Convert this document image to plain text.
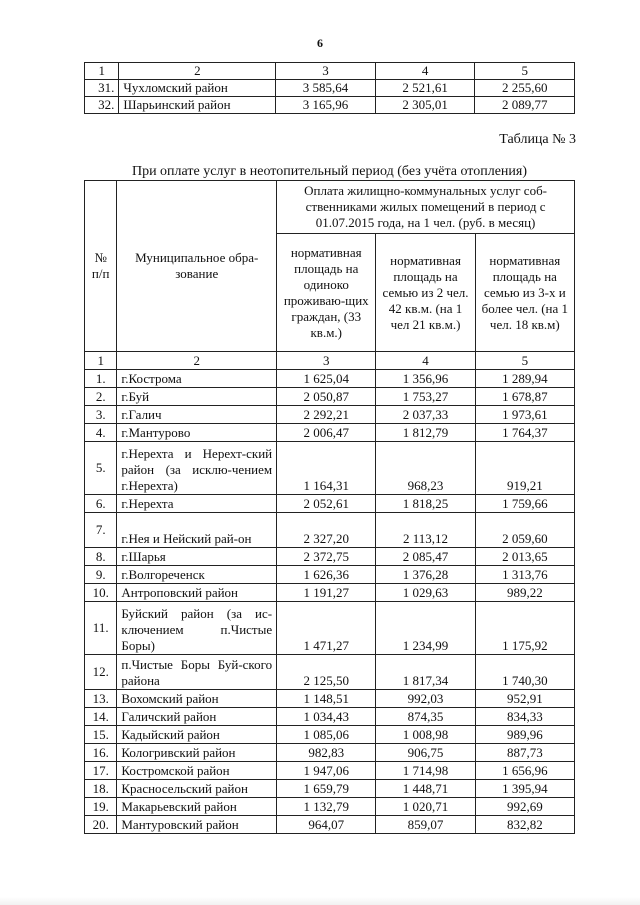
6
1	2	3	4	5
31.	Чухломский район	3 585,64	2 521,61	2 255,60
32.	Шарьинский район	3 165,96	2 305,01	2 089,77
Таблица № 3
При оплате услуг в неотопительный период (без учёта отопления)
№ п/п	Муниципальное обра-зование	Оплата жилищно-коммунальных услуг соб-ственниками жилых помещений в период с 01.07.2015 года, на 1 чел. (руб. в месяц)		
		нормативная площадь на одиноко проживаю-щих граждан, (33 кв.м.)	нормативная площадь на семью из 2 чел. 42 кв.м. (на 1 чел 21 кв.м.)	нормативная площадь на семью из 3-х и более чел. (на 1 чел. 18 кв.м)
1	2	3	4	5
1.	г.Кострома	1 625,04	1 356,96	1 289,94
2.	г.Буй	2 050,87	1 753,27	1 678,87
3.	г.Галич	2 292,21	2 037,33	1 973,61
4.	г.Мантурово	2 006,47	1 812,79	1 764,37
5.	г.Нерехта и Нерехт-ский район (за исклю-чением г.Нерехта)	1 164,31	968,23	919,21
6.	г.Нерехта	2 052,61	1 818,25	1 759,66
7.	г.Нея и Нейский рай-он	2 327,20	2 113,12	2 059,60
8.	г.Шарья	2 372,75	2 085,47	2 013,65
9.	г.Волгореченск	1 626,36	1 376,28	1 313,76
10.	Антроповский район	1 191,27	1 029,63	989,22
11.	Буйский район (за ис-ключением п.Чистые Боры)	1 471,27	1 234,99	1 175,92
12.	п.Чистые Боры Буй-ского района	2 125,50	1 817,34	1 740,30
13.	Вохомский район	1 148,51	992,03	952,91
14.	Галичский район	1 034,43	874,35	834,33
15.	Кадыйский район	1 085,06	1 008,98	989,96
16.	Кологривский район	982,83	906,75	887,73
17.	Костромской район	1 947,06	1 714,98	1 656,96
18.	Красносельский район	1 659,79	1 448,71	1 395,94
19.	Макарьевский район	1 132,79	1 020,71	992,69
20.	Мантуровский район	964,07	859,07	832,82
